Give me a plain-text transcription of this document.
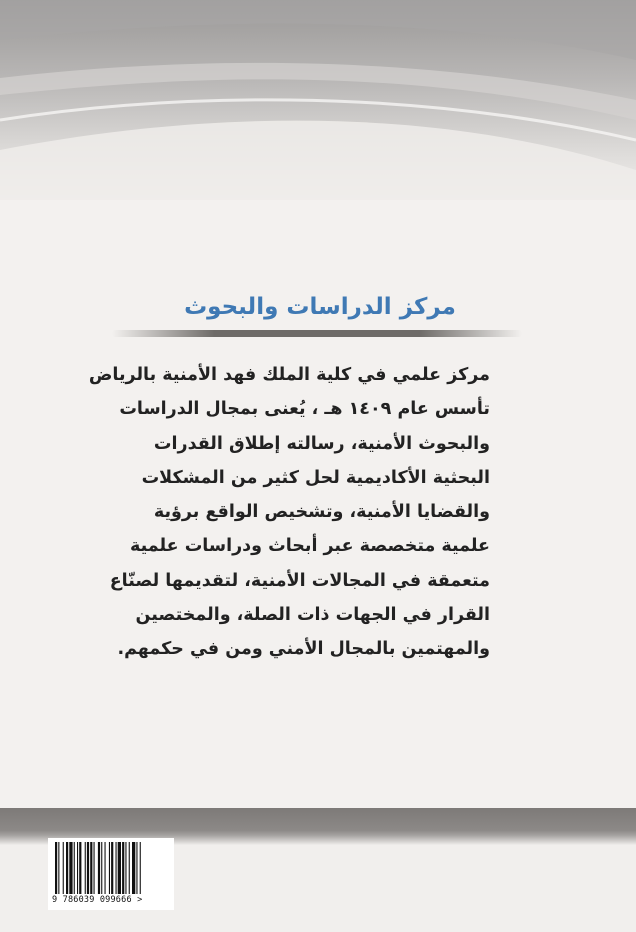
مركز الدراسات والبحوث
مركز علمي في كلية الملك فهد الأمنية بالرياض
تأسس عام ١٤٠٩ هـ ، يُعنى بمجال الدراسات
والبحوث الأمنية، رسالته إطلاق القدرات
البحثية الأكاديمية لحل كثير من المشكلات
والقضايا الأمنية، وتشخيص الواقع برؤية
علمية متخصصة عبر أبحاث ودراسات علمية
متعمقة في المجالات الأمنية، لتقديمها لصنّاع
القرار في الجهات ذات الصلة، والمختصين
والمهتمين بالمجال الأمني ومن في حكمهم.
9 786039 099666 >
